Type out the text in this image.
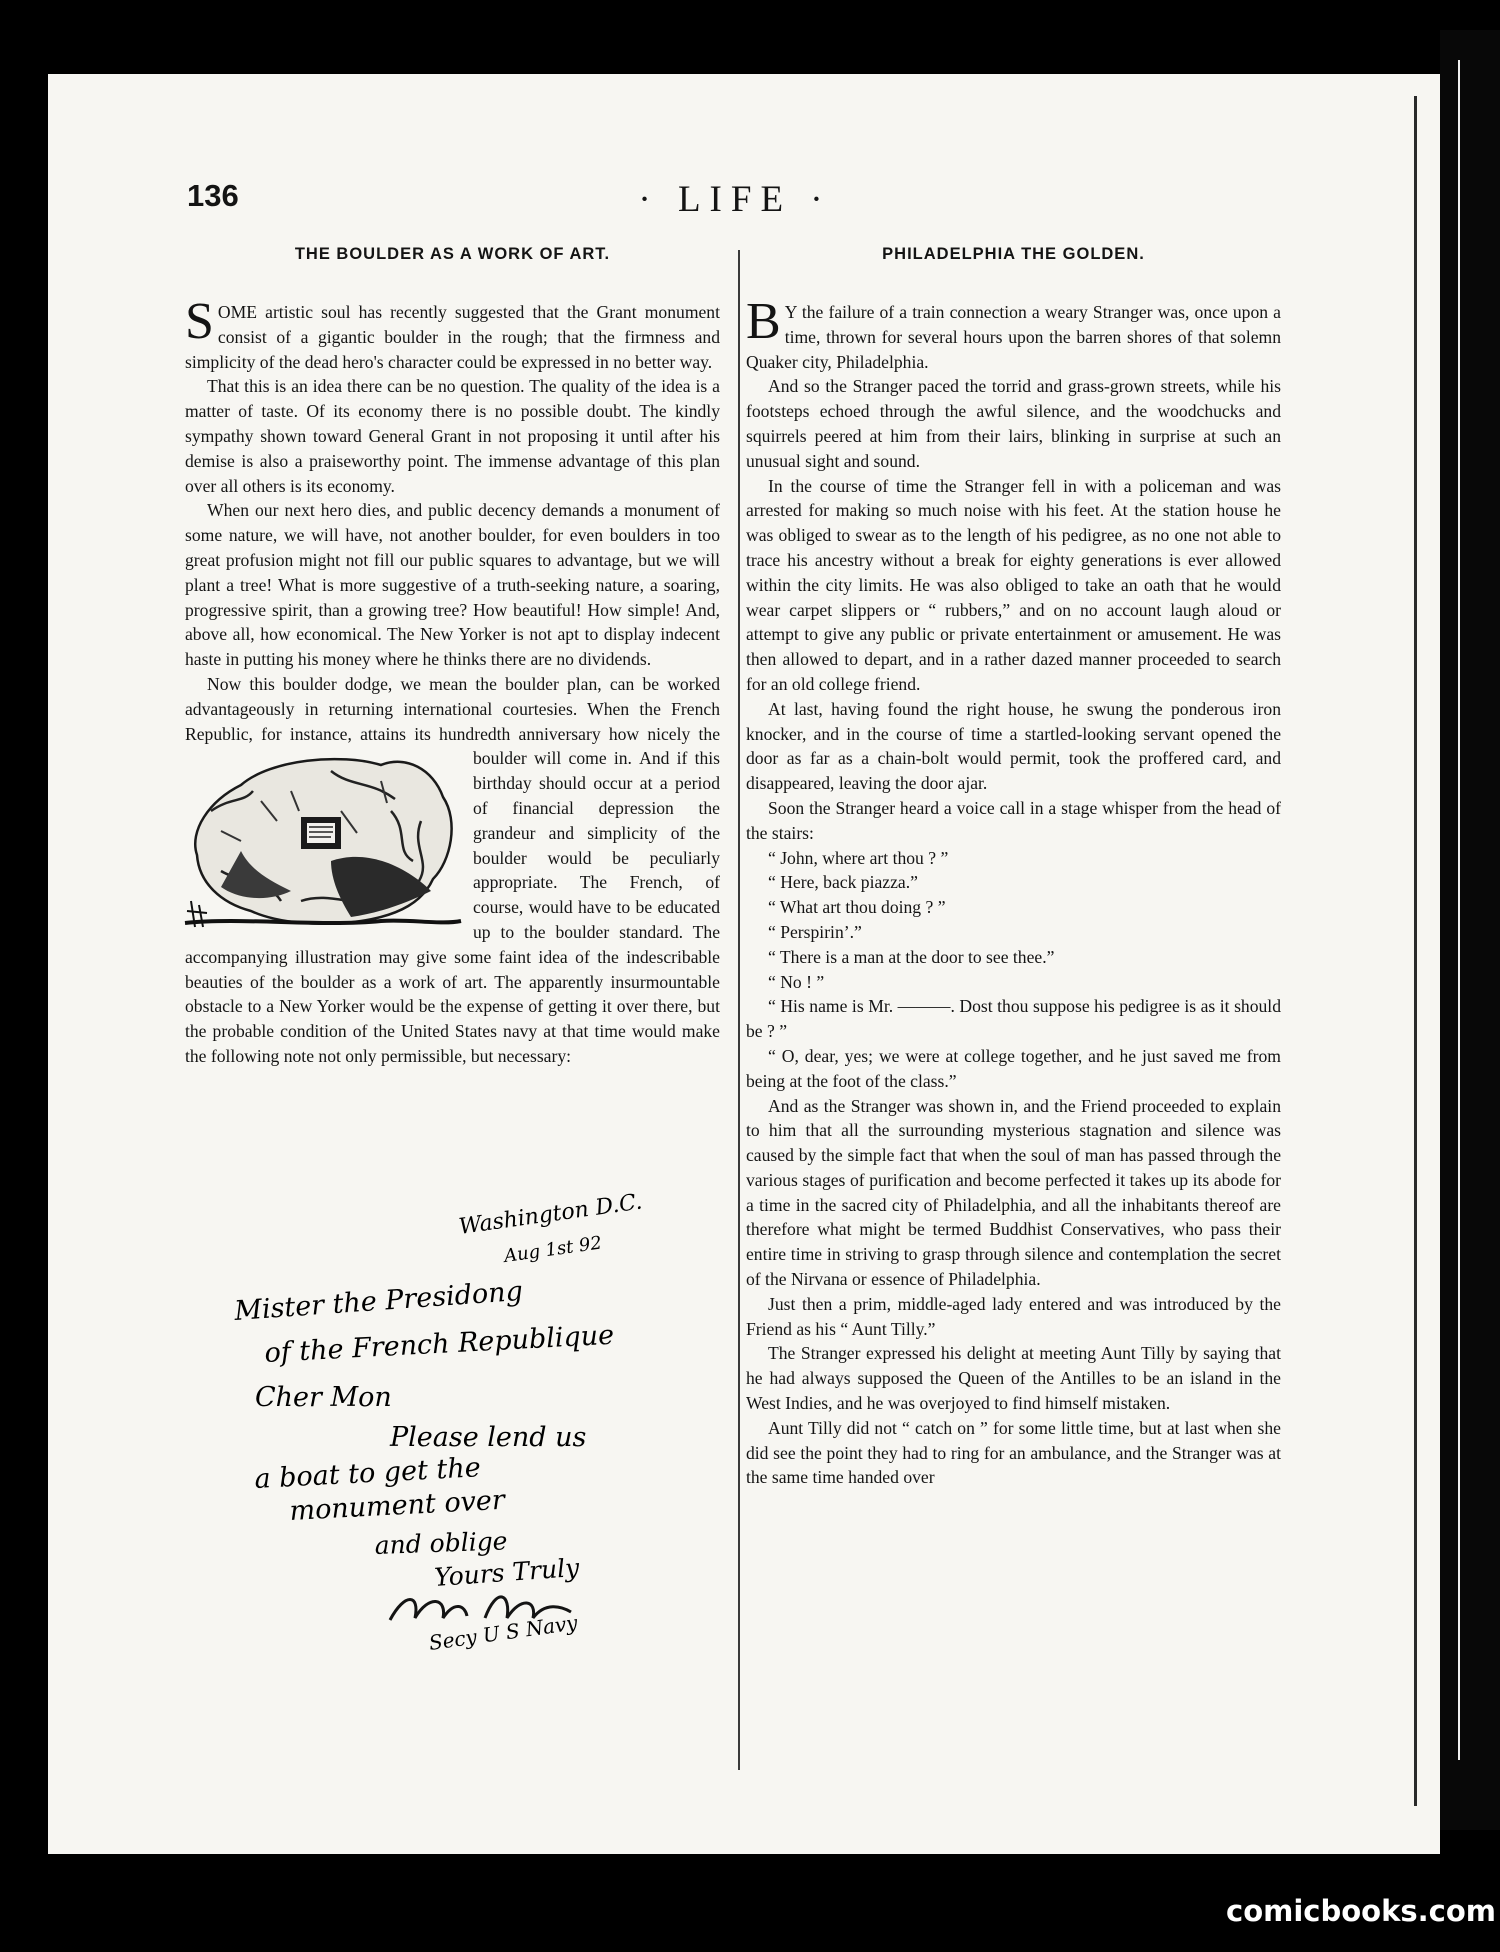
136	· LIFE ·
THE BOULDER AS A WORK OF ART.

SOME artistic soul has recently suggested that the Grant monument consist of a gigantic boulder in the rough; that the firmness and simplicity of the dead hero's character could be expressed in no better way.

That this is an idea there can be no question. The quality of the idea is a matter of taste. Of its economy there is no possible doubt. The kindly sympathy shown toward General Grant in not proposing it until after his demise is also a praiseworthy point. The immense advantage of this plan over all others is its economy.

When our next hero dies, and public decency demands a monument of some nature, we will have, not another boulder, for even boulders in too great profusion might not fill our public squares to advantage, but we will plant a tree! What is more suggestive of a truth-seeking nature, a soaring, progressive spirit, than a growing tree? How beautiful! How simple! And, above all, how economical. The New Yorker is not apt to display indecent haste in putting his money where he thinks there are no dividends.

Now this boulder dodge, we mean the boulder plan, can be worked advantageously in returning international courtesies. When the French Republic, for instance, attains its hundredth anniversary how nicely the boulder will come in.
And if this birthday should occur at a period of financial depression the grandeur and simplicity of the boulder would be peculiarly appropriate. The French, of course, would have to be educated up to the boulder standard. The accompanying illustration may give some faint idea of the indescribable beauties of the boulder as a work of art. The apparently insurmountable obstacle to a New Yorker would be the expense of getting it over there, but the probable condition of the United States navy at that time would make the following note not only permissible, but necessary:

Washington D.C.
Aug 1st 92
Mister the Presidong
of the French Republique
Cher Mon
Please lend us
a boat to get the
monument over
and oblige
Yours Truly
Secy U S Navy
PHILADELPHIA THE GOLDEN.

B Y the failure of a train connection a weary Stranger was, once upon a time, thrown for several hours upon the barren shores of that solemn Quaker city, Philadelphia.

And so the Stranger paced the torrid and grass-grown streets, while his footsteps echoed through the awful silence, and the woodchucks and squirrels peered at him from their lairs, blinking in surprise at such an unusual sight and sound.

In the course of time the Stranger fell in with a policeman and was arrested for making so much noise with his feet. At the station house he was obliged to swear as to the length of his pedigree, as no one not able to trace his ancestry without a break for eighty generations is ever allowed within the city limits. He was also obliged to take an oath that he would wear carpet slippers or “ rubbers,” and on no account laugh aloud or attempt to give any public or private entertainment or amusement. He was then allowed to depart, and in a rather dazed manner proceeded to search for an old college friend.

At last, having found the right house, he swung the ponderous iron knocker, and in the course of time a startled-looking servant opened the door as far as a chain-bolt would permit, took the proffered card, and disappeared, leaving the door ajar.

Soon the Stranger heard a voice call in a stage whisper from the head of the stairs:

“ John, where art thou ? ”

“ Here, back piazza.”

“ What art thou doing ? ”

“ Perspirin’.”

“ There is a man at the door to see thee.”

“ No ! ”

“ His name is Mr. ———. Dost thou suppose his pedigree is as it should be ? ”

“ O, dear, yes; we were at college together, and he just saved me from being at the foot of the class.”

And as the Stranger was shown in, and the Friend proceeded to explain to him that all the surrounding mysterious stagnation and silence was caused by the simple fact that when the soul of man has passed through the various stages of purification and become perfected it takes up its abode for a time in the sacred city of Philadelphia, and all the inhabitants thereof are therefore what might be termed Buddhist Conservatives, who pass their entire time in striving to grasp through silence and contemplation the secret of the Nirvana or essence of Philadelphia.

Just then a prim, middle-aged lady entered and was introduced by the Friend as his “ Aunt Tilly.”

The Stranger expressed his delight at meeting Aunt Tilly by saying that he had always supposed the Queen of the Antilles to be an island in the West Indies, and he was overjoyed to find himself mistaken.

Aunt Tilly did not “ catch on ” for some little time, but at last when she did see the point they had to ring for an ambulance, and the Stranger was at the same time handed over

comicbooks.com
